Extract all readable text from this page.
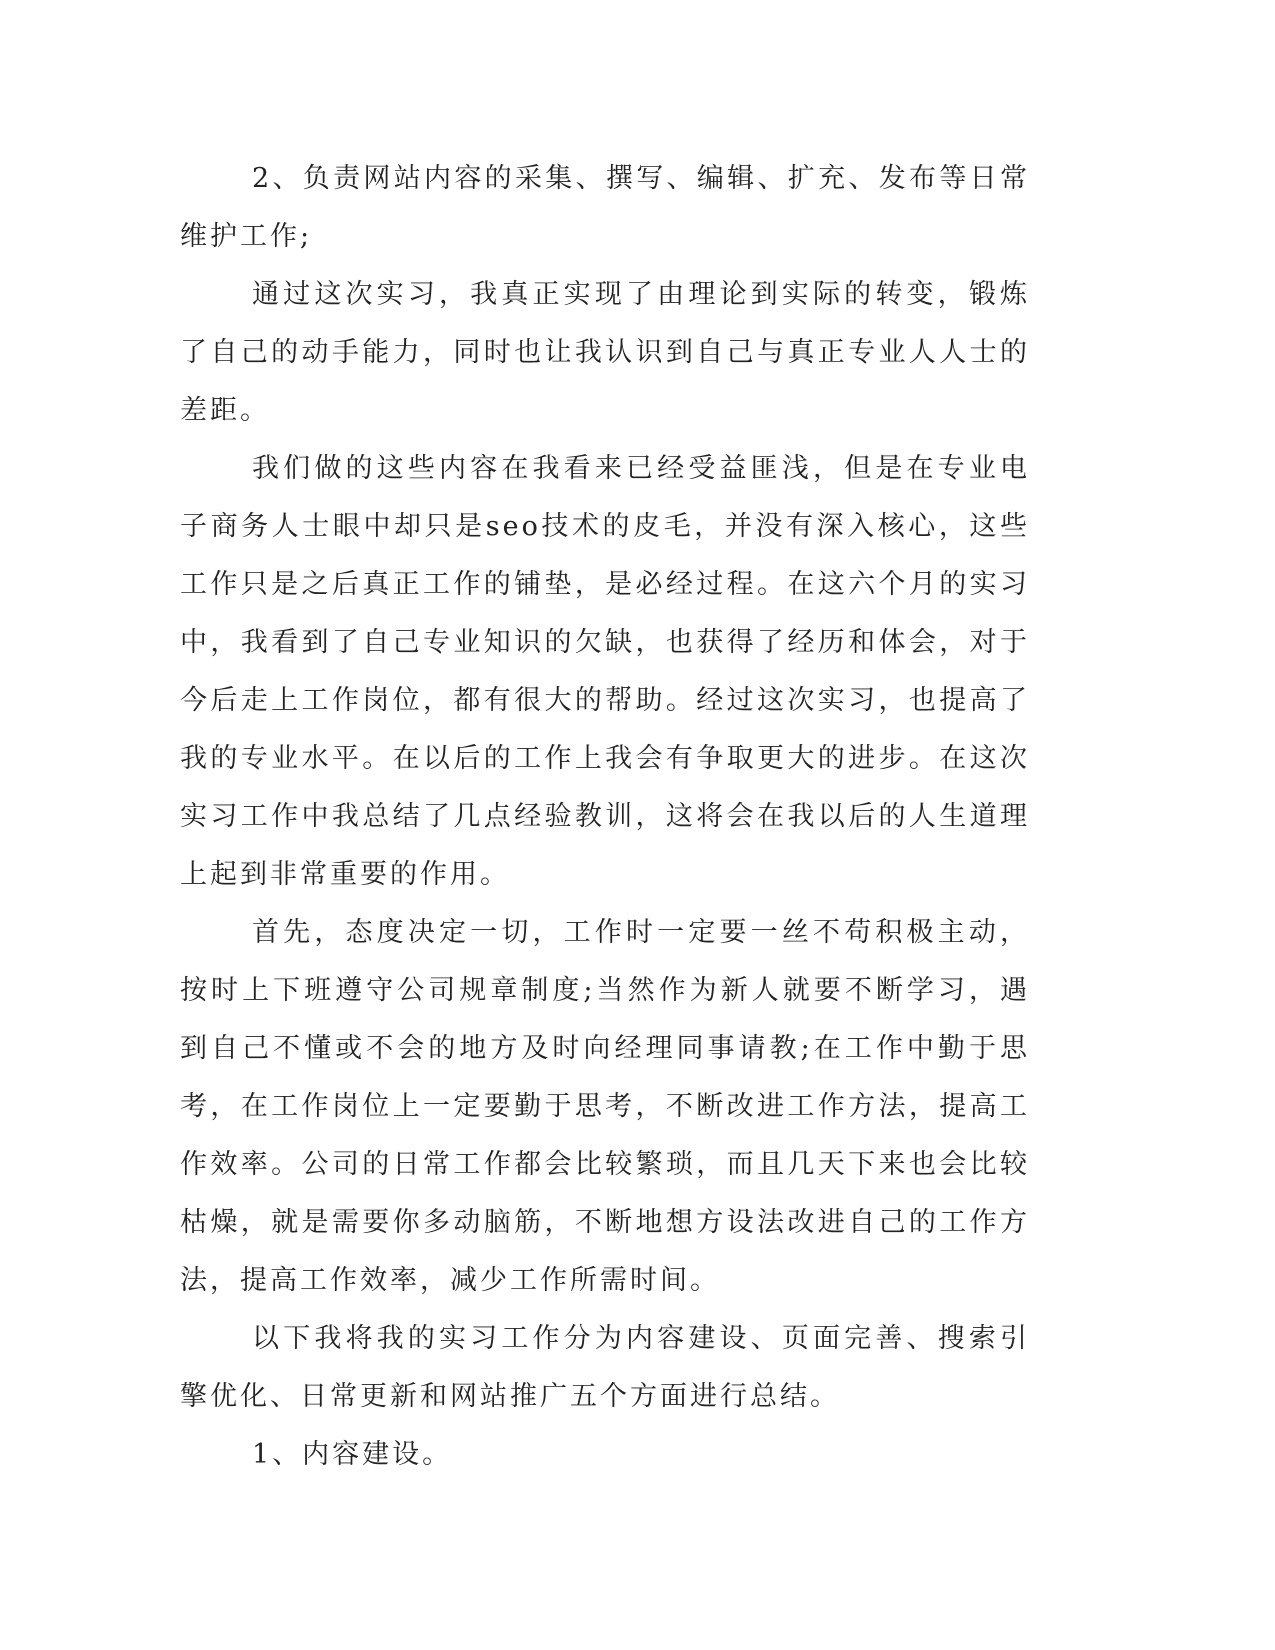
2、负责网站内容的采集、撰写、编辑、扩充、发布等日常维护工作;

通过这次实习，我真正实现了由理论到实际的转变，锻炼了自己的动手能力，同时也让我认识到自己与真正专业人人士的差距。

我们做的这些内容在我看来已经受益匪浅，但是在专业电子商务人士眼中却只是seo技术的皮毛，并没有深入核心，这些工作只是之后真正工作的铺垫，是必经过程。在这六个月的实习中，我看到了自己专业知识的欠缺，也获得了经历和体会，对于今后走上工作岗位，都有很大的帮助。经过这次实习，也提高了我的专业水平。在以后的工作上我会有争取更大的进步。在这次实习工作中我总结了几点经验教训，这将会在我以后的人生道理上起到非常重要的作用。

首先，态度决定一切，工作时一定要一丝不苟积极主动，按时上下班遵守公司规章制度;当然作为新人就要不断学习，遇到自己不懂或不会的地方及时向经理同事请教;在工作中勤于思考，在工作岗位上一定要勤于思考，不断改进工作方法，提高工作效率。公司的日常工作都会比较繁琐，而且几天下来也会比较枯燥，就是需要你多动脑筋，不断地想方设法改进自己的工作方法，提高工作效率，减少工作所需时间。

以下我将我的实习工作分为内容建设、页面完善、搜索引擎优化、日常更新和网站推广五个方面进行总结。

1、内容建设。
